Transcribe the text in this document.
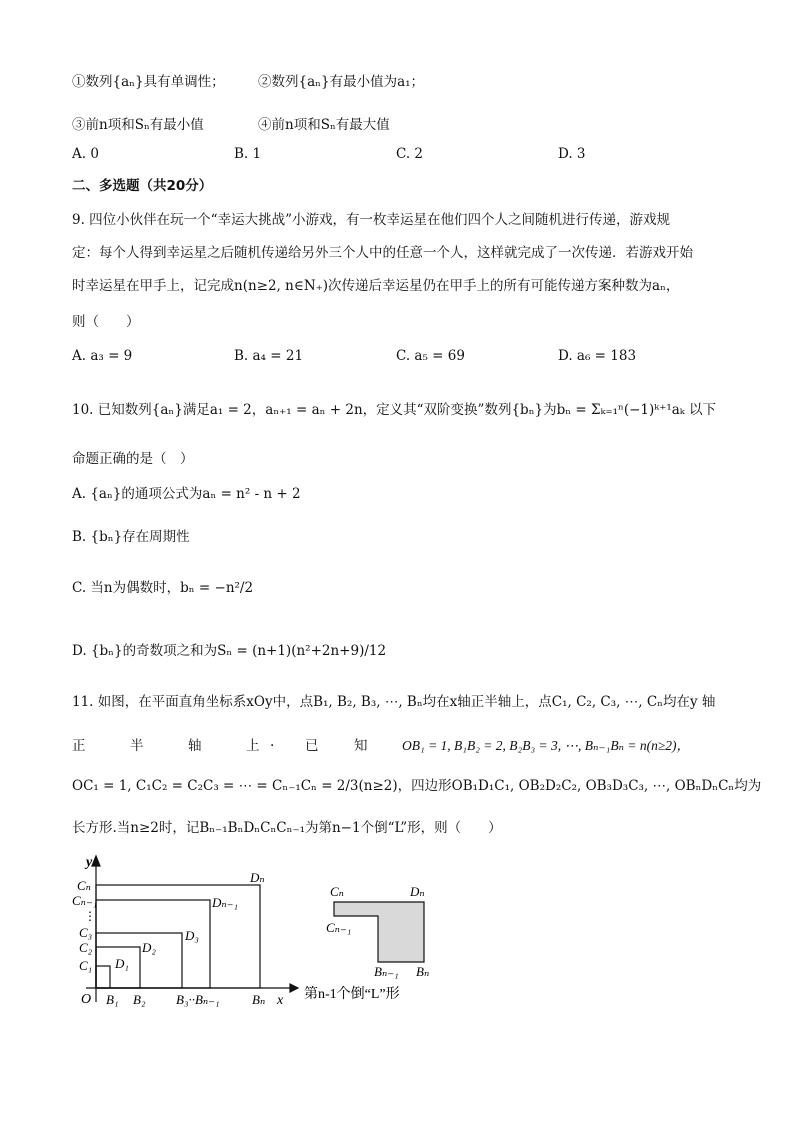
①数列{aₙ}具有单调性； ②数列{aₙ}有最小值为a₁；
③前n项和Sₙ有最小值	④前n项和Sₙ有最大值
A. 0	B. 1	C. 2	D. 3
二、多选题（共20分）
9. 四位小伙伴在玩一个“幸运大挑战”小游戏，有一枚幸运星在他们四个人之间随机进行传递，游戏规
定：每个人得到幸运星之后随机传递给另外三个人中的任意一个人，这样就完成了一次传递．若游戏开始
时幸运星在甲手上，记完成n(n≥2, n∈N₊)次传递后幸运星仍在甲手上的所有可能传递方案种数为aₙ，
则（　　）
A. a₃ = 9	B. a₄ = 21	C. a₅ = 69	D. a₆ = 183
10. 已知数列{aₙ}满足a₁ = 2，aₙ₊₁ = aₙ + 2n，定义其“双阶变换”数列{bₙ}为bₙ = Σₖ₌₁ⁿ(−1)ᵏ⁺¹aₖ 以下
命题正确的是（　）
A. {aₙ}的通项公式为aₙ = n² - n + 2
B. {bₙ}存在周期性
C. 当n为偶数时，bₙ = −n²/2
D. {bₙ}的奇数项之和为Sₙ = (n+1)(n²+2n+9)/12
11. 如图，在平面直角坐标系xOy中，点B₁, B₂, B₃, ⋯, Bₙ均在x轴正半轴上，点C₁, C₂, C₃, ⋯, Cₙ均在y 轴
正	半	轴	上 . 已	知	OB₁ = 1, B₁B₂ = 2, B₂B₃ = 3, ⋯, Bₙ₋₁Bₙ = n(n≥2)，
OC₁ = 1, C₁C₂ = C₂C₃ = ⋯ = Cₙ₋₁Cₙ = 2/3(n≥2)，四边形OB₁D₁C₁, OB₂D₂C₂, OB₃D₃C₃, ⋯, OBₙDₙCₙ均为
长方形.当n≥2时，记Bₙ₋₁BₙDₙCₙCₙ₋₁为第n−1个倒“L”形，则（　　）
y
Cₙ
Cₙ₋₁
⋮
C₃
C₂
C₁
Dₙ
Dₙ₋₁
D₃
D₂
D₁
O B₁ B₂ B₃··Bₙ₋₁ Bₙ x
Cₙ	Dₙ
Cₙ₋₁
Bₙ₋₁ Bₙ
第n-1个倒“L”形
